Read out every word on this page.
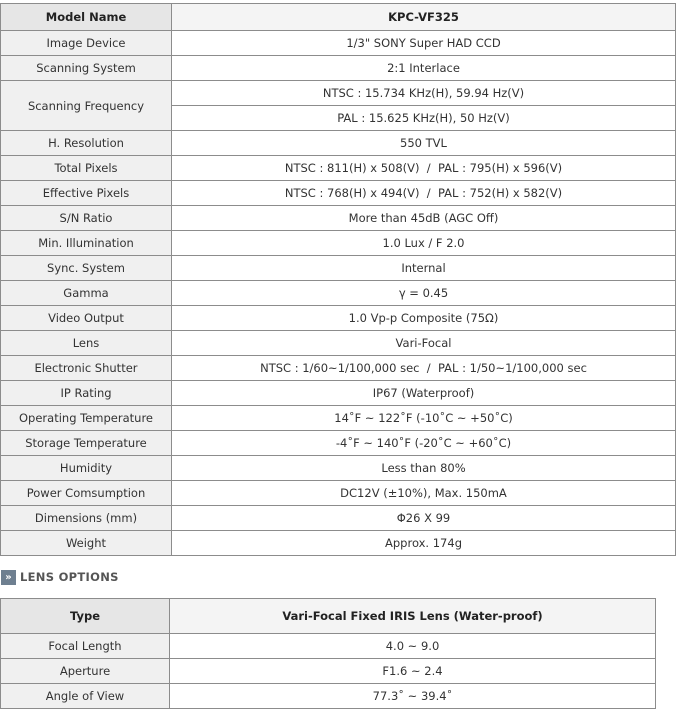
Model Name	KPC-VF325
Image Device	1/3" SONY Super HAD CCD
Scanning System	2:1 Interlace
Scanning Frequency	NTSC : 15.734 KHz(H), 59.94 Hz(V)
	PAL : 15.625 KHz(H), 50 Hz(V)
H. Resolution	550 TVL
Total Pixels	NTSC : 811(H) x 508(V)  /  PAL : 795(H) x 596(V)
Effective Pixels	NTSC : 768(H) x 494(V)  /  PAL : 752(H) x 582(V)
S/N Ratio	More than 45dB (AGC Off)
Min. Illumination	1.0 Lux / F 2.0
Sync. System	Internal
Gamma	γ = 0.45
Video Output	1.0 Vp-p Composite (75Ω)
Lens	Vari-Focal
Electronic Shutter	NTSC : 1/60~1/100,000 sec  /  PAL : 1/50~1/100,000 sec
IP Rating	IP67 (Waterproof)
Operating Temperature	14˚F ~ 122˚F (-10˚C ~ +50˚C)
Storage Temperature	-4˚F ~ 140˚F (-20˚C ~ +60˚C)
Humidity	Less than 80%
Power Comsumption	DC12V (±10%), Max. 150mA
Dimensions (mm)	Φ26 X 99
Weight	Approx. 174g
» LENS OPTIONS
Type	Vari-Focal Fixed IRIS Lens (Water-proof)
Focal Length	4.0 ~ 9.0
Aperture	F1.6 ~ 2.4
Angle of View	77.3˚ ~ 39.4˚
